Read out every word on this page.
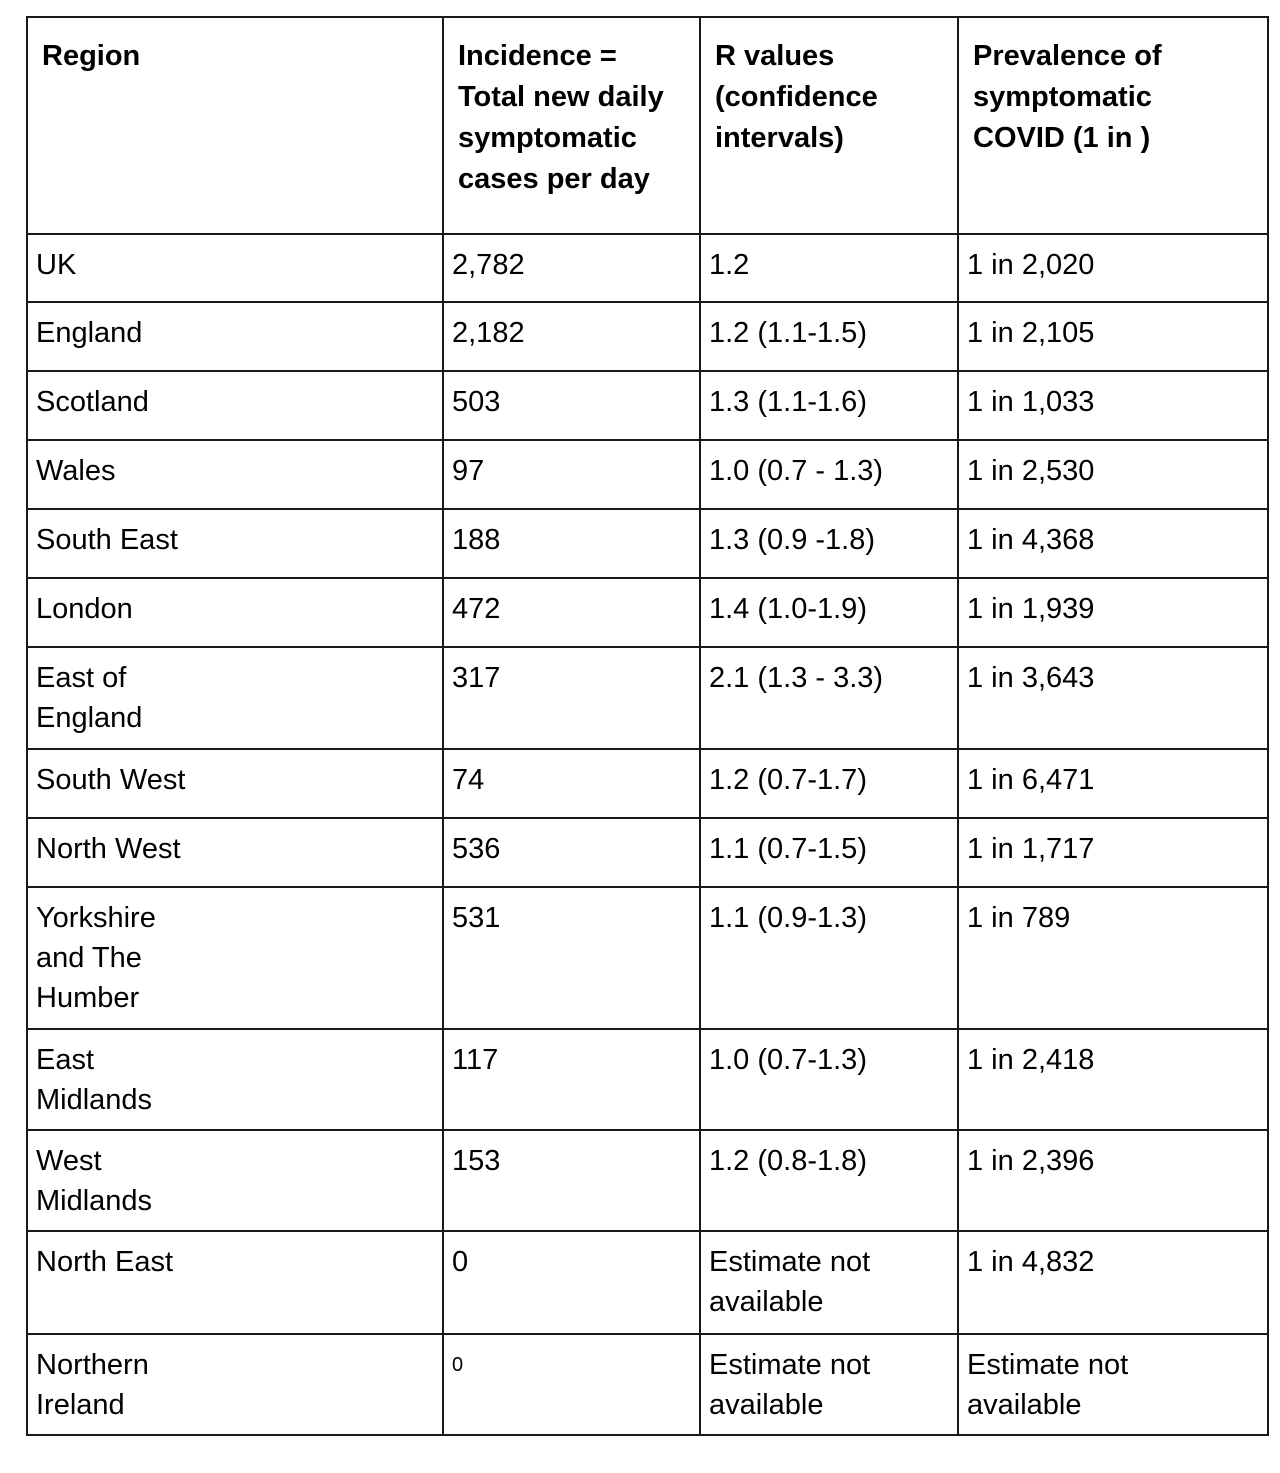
Region	Incidence = Total new daily symptomatic cases per day	R values (confidence intervals)	Prevalence of symptomatic COVID (1 in )

UK	2,782	1.2	1 in 2,020

England	2,182	1.2 (1.1-1.5)	1 in 2,105

Scotland	503	1.3 (1.1-1.6)	1 in 1,033

Wales	97	1.0 (0.7 - 1.3)	1 in 2,530

South East	188	1.3 (0.9 -1.8)	1 in 4,368

London	472	1.4 (1.0-1.9)	1 in 1,939

East of England	317	2.1 (1.3 - 3.3)	1 in 3,643

South West	74	1.2 (0.7-1.7)	1 in 6,471

North West	536	1.1 (0.7-1.5)	1 in 1,717

Yorkshire and The Humber	531	1.1 (0.9-1.3)	1 in 789

East Midlands	117	1.0 (0.7-1.3)	1 in 2,418

West Midlands	153	1.2 (0.8-1.8)	1 in 2,396

North East	0	Estimate not available	1 in 4,832

Northern Ireland	0	Estimate not available	Estimate not available
